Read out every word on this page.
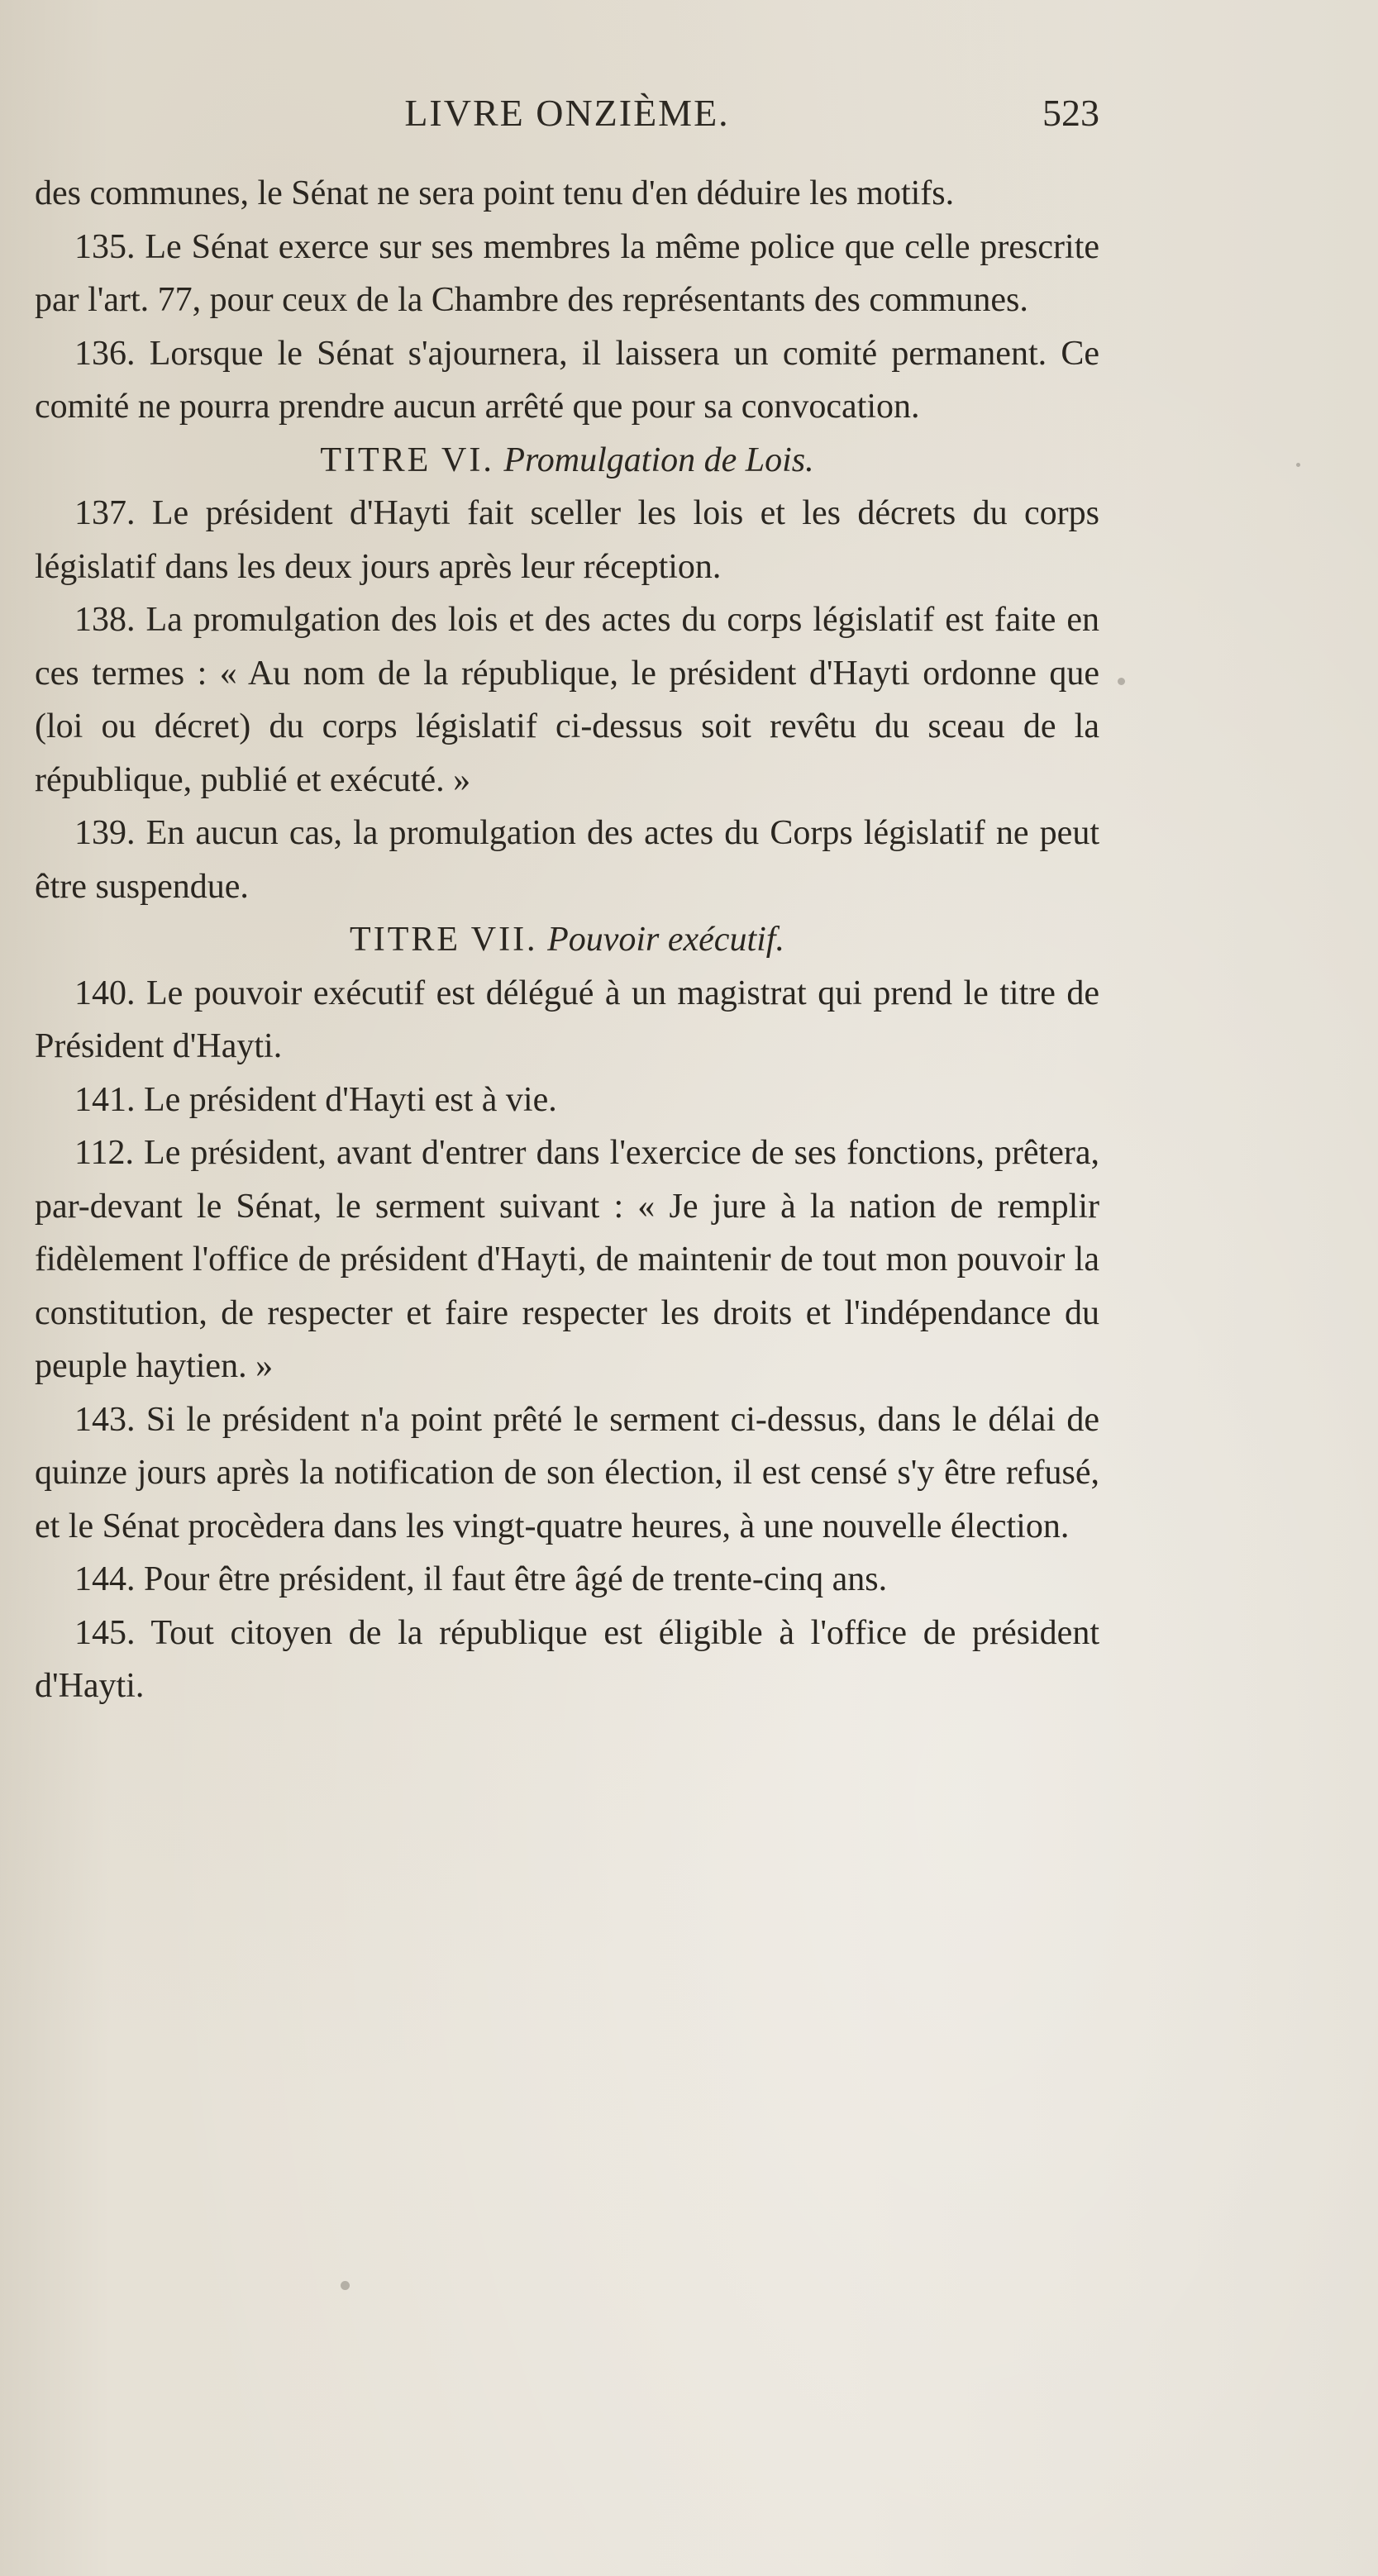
LIVRE ONZIÈME.	523

des communes, le Sénat ne sera point tenu d'en déduire les motifs.

135. Le Sénat exerce sur ses membres la même police que celle prescrite par l'art. 77, pour ceux de la Chambre des représentants des communes.

136. Lorsque le Sénat s'ajournera, il laissera un comité permanent. Ce comité ne pourra prendre aucun arrêté que pour sa convocation.

TITRE VI. Promulgation de Lois.

137. Le président d'Hayti fait sceller les lois et les décrets du corps législatif dans les deux jours après leur réception.

138. La promulgation des lois et des actes du corps législatif est faite en ces termes : « Au nom de la république, le président d'Hayti ordonne que (loi ou décret) du corps législatif ci-dessus soit revêtu du sceau de la république, publié et exécuté. »

139. En aucun cas, la promulgation des actes du Corps législatif ne peut être suspendue.

TITRE VII. Pouvoir exécutif.

140. Le pouvoir exécutif est délégué à un magistrat qui prend le titre de Président d'Hayti.

141. Le président d'Hayti est à vie.

112. Le président, avant d'entrer dans l'exercice de ses fonctions, prêtera, par-devant le Sénat, le serment suivant : « Je jure à la nation de remplir fidèlement l'office de président d'Hayti, de maintenir de tout mon pouvoir la constitution, de respecter et faire respecter les droits et l'indépendance du peuple haytien. »

143. Si le président n'a point prêté le serment ci-dessus, dans le délai de quinze jours après la notification de son élection, il est censé s'y être refusé, et le Sénat procèdera dans les vingt-quatre heures, à une nouvelle élection.

144. Pour être président, il faut être âgé de trente-cinq ans.

145. Tout citoyen de la république est éligible à l'office de président d'Hayti.
